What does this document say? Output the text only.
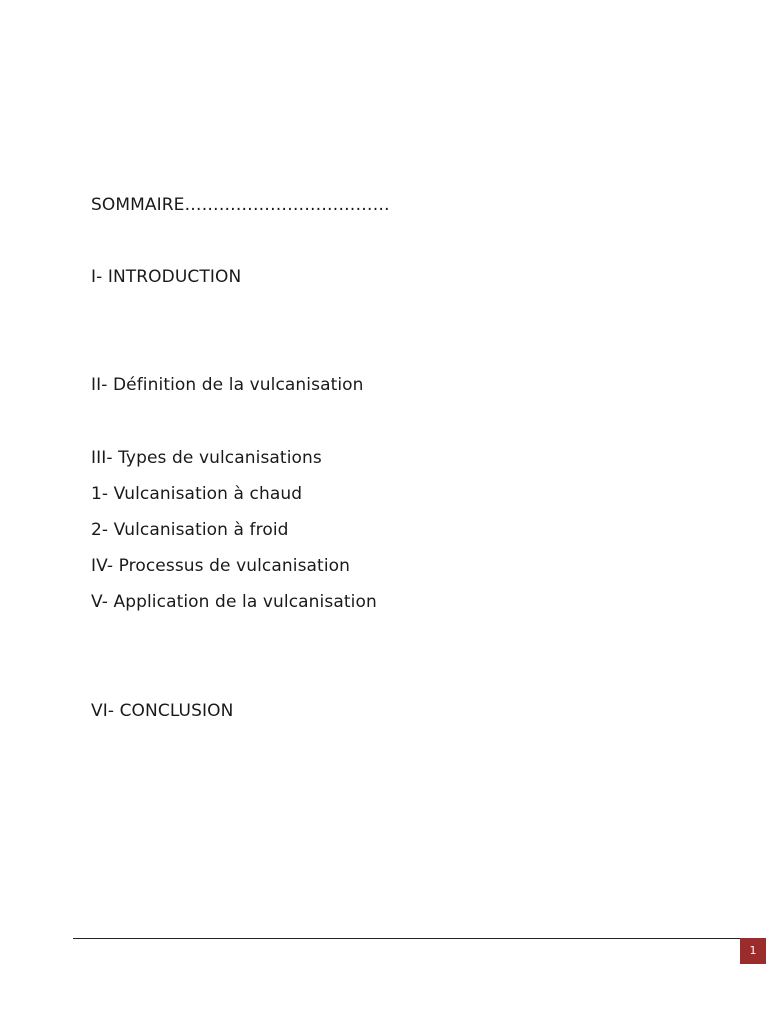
SOMMAIRE………………………………
I- INTRODUCTION
II- Définition de la vulcanisation
III- Types de vulcanisations
1- Vulcanisation à chaud
2- Vulcanisation à froid
IV- Processus de vulcanisation
V- Application de la vulcanisation
VI- CONCLUSION
1
